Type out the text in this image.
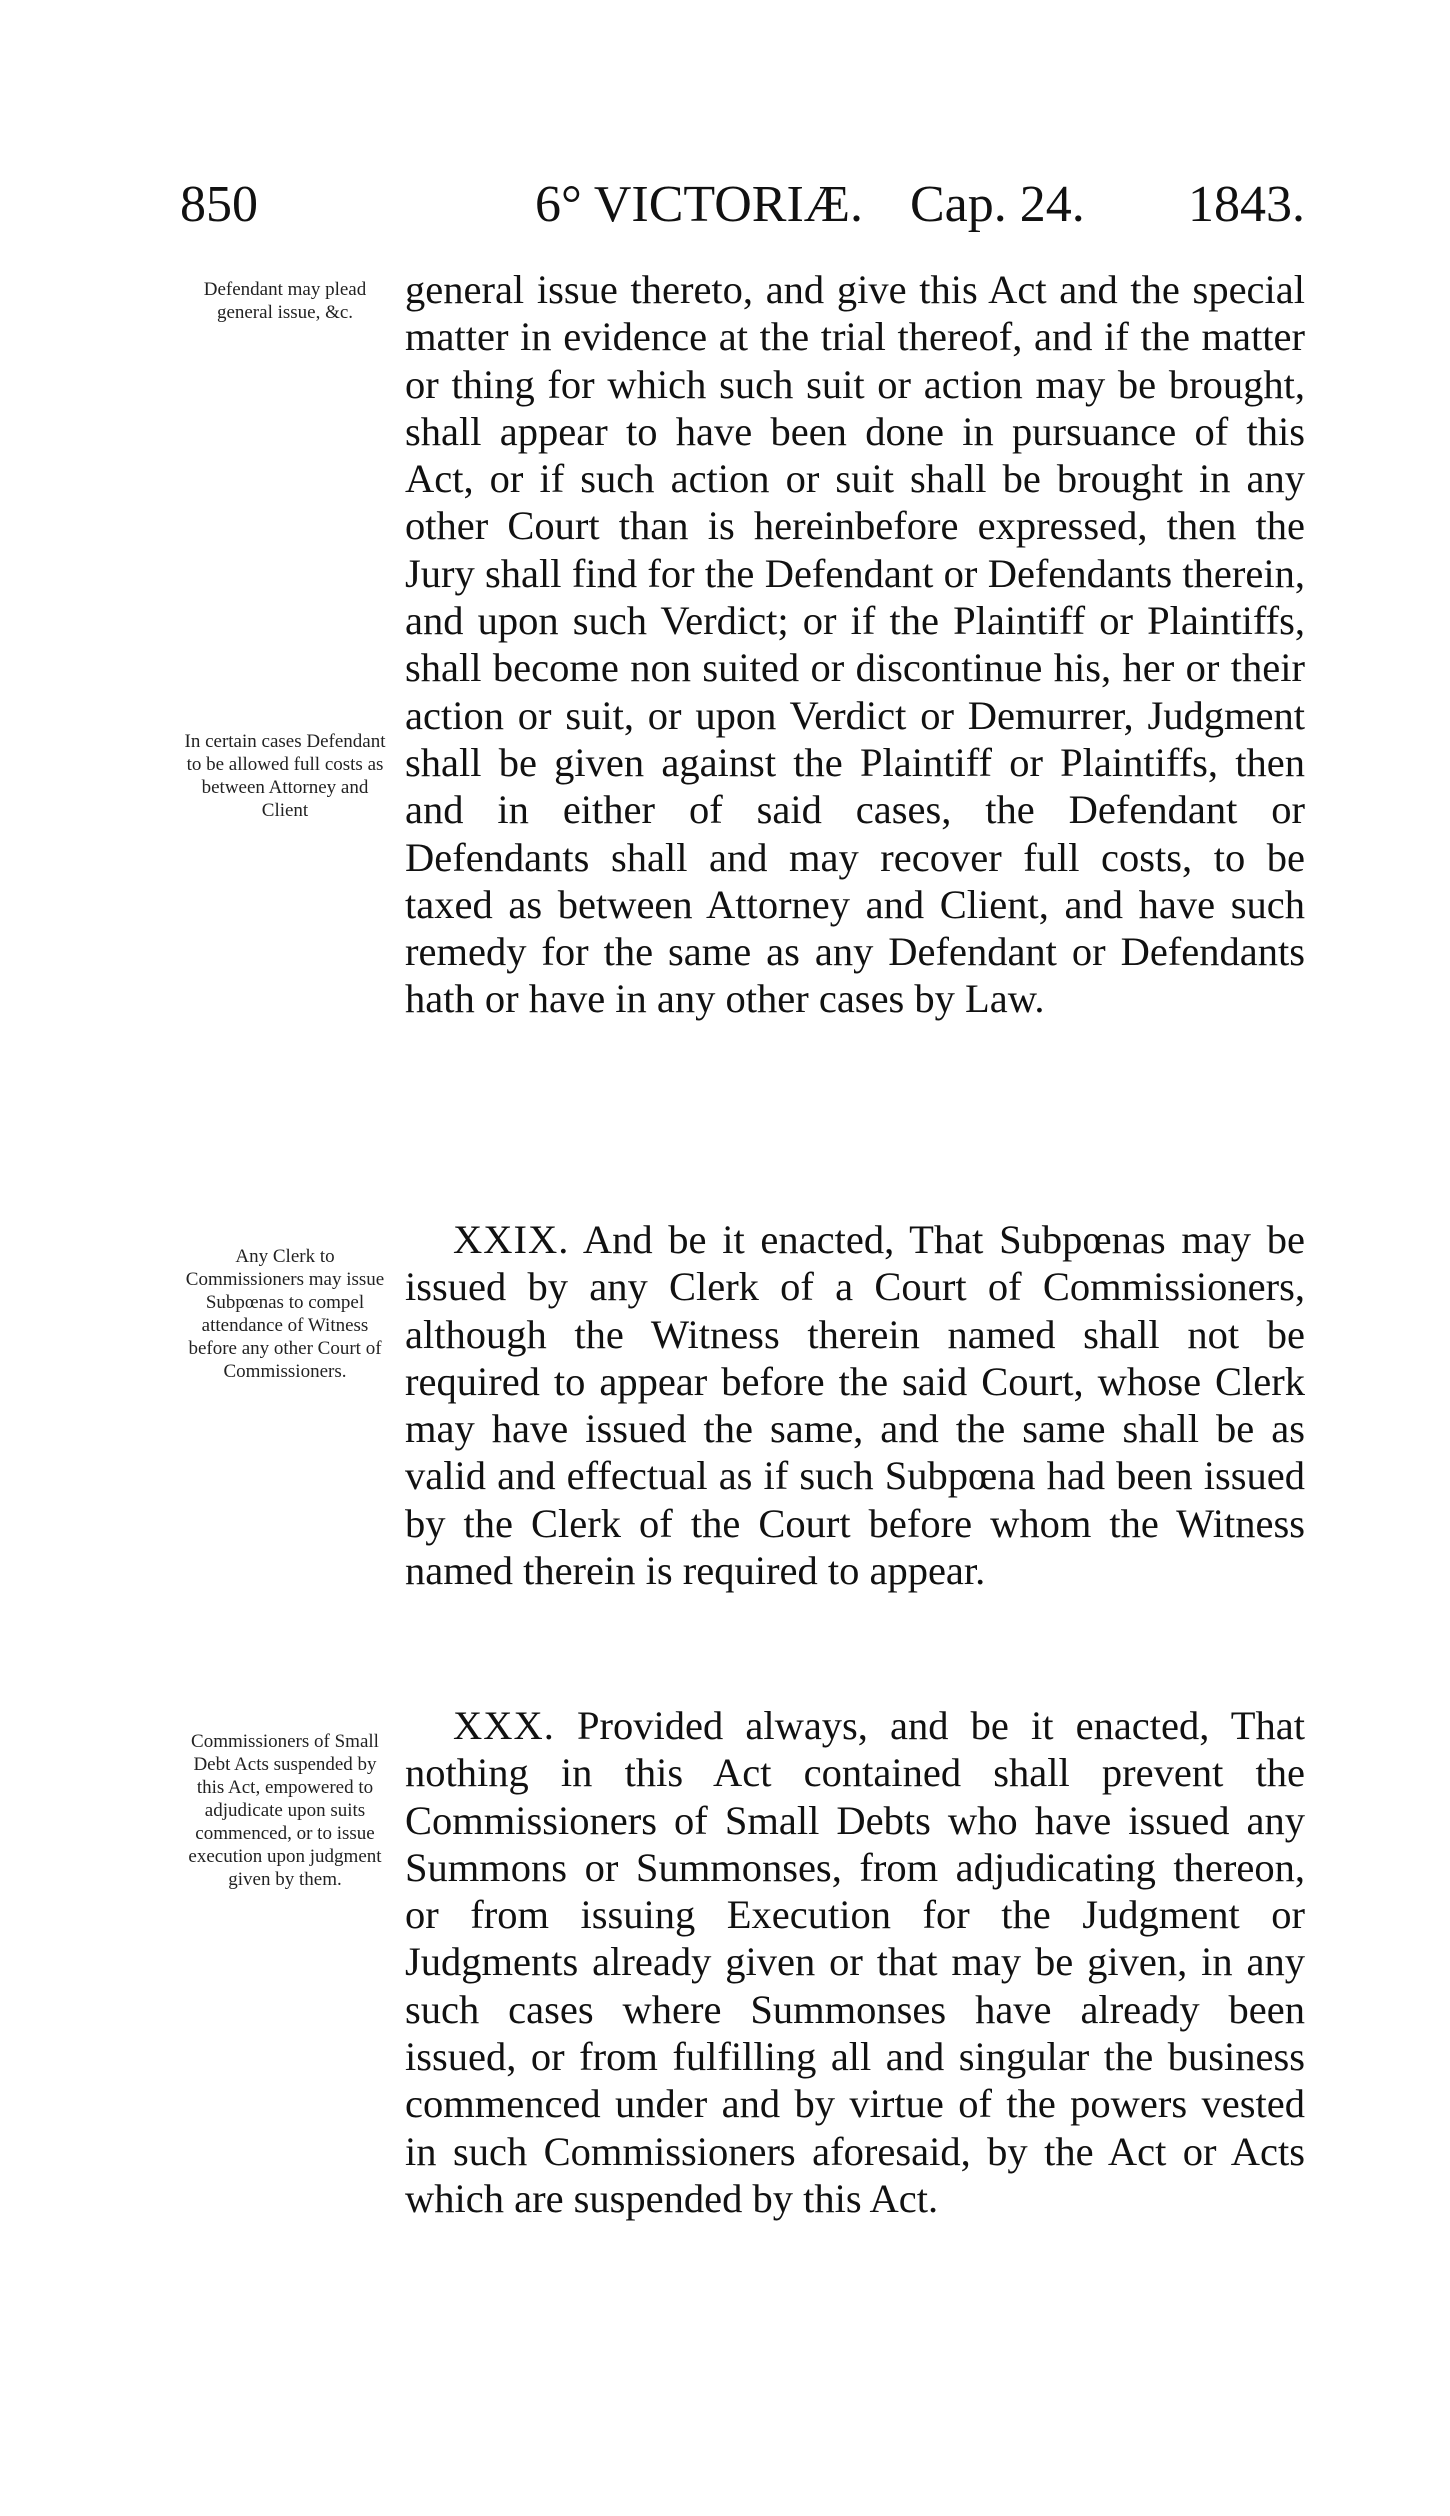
850	6° VICTORIÆ. Cap. 24. 1843.
Defendant may plead general issue, &c.
In certain cases Defendant to be allowed full costs as between Attorney and Client
Any Clerk to Commissioners may issue Subpœnas to compel attendance of Witness before any other Court of Commissioners.
Commissioners of Small Debt Acts suspended by this Act, empowered to adjudicate upon suits commenced, or to issue execution upon judgment given by them.

general issue thereto, and give this Act and the special matter in evidence at the trial thereof, and if the matter or thing for which such suit or action may be brought, shall appear to have been done in pursuance of this Act, or if such action or suit shall be brought in any other Court than is hereinbefore expressed, then the Jury shall find for the Defendant or Defendants therein, and upon such Verdict; or if the Plaintiff or Plaintiffs, shall become non suited or discontinue his, her or their action or suit, or upon Verdict or Demurrer, Judgment shall be given against the Plaintiff or Plaintiffs, then and in either of said cases, the Defendant or Defendants shall and may recover full costs, to be taxed as between Attorney and Client, and have such remedy for the same as any Defendant or Defendants hath or have in any other cases by Law.

XXIX. And be it enacted, That Subpœnas may be issued by any Clerk of a Court of Commissioners, although the Witness therein named shall not be required to appear before the said Court, whose Clerk may have issued the same, and the same shall be as valid and effectual as if such Subpœna had been issued by the Clerk of the Court before whom the Witness named therein is required to appear.

XXX. Provided always, and be it enacted, That nothing in this Act contained shall prevent the Commissioners of Small Debts who have issued any Summons or Summonses, from adjudicating thereon, or from issuing Execution for the Judgment or Judgments already given or that may be given, in any such cases where Summonses have already been issued, or from fulfilling all and singular the business commenced under and by virtue of the powers vested in such Commissioners aforesaid, by the Act or Acts which are suspended by this Act.
